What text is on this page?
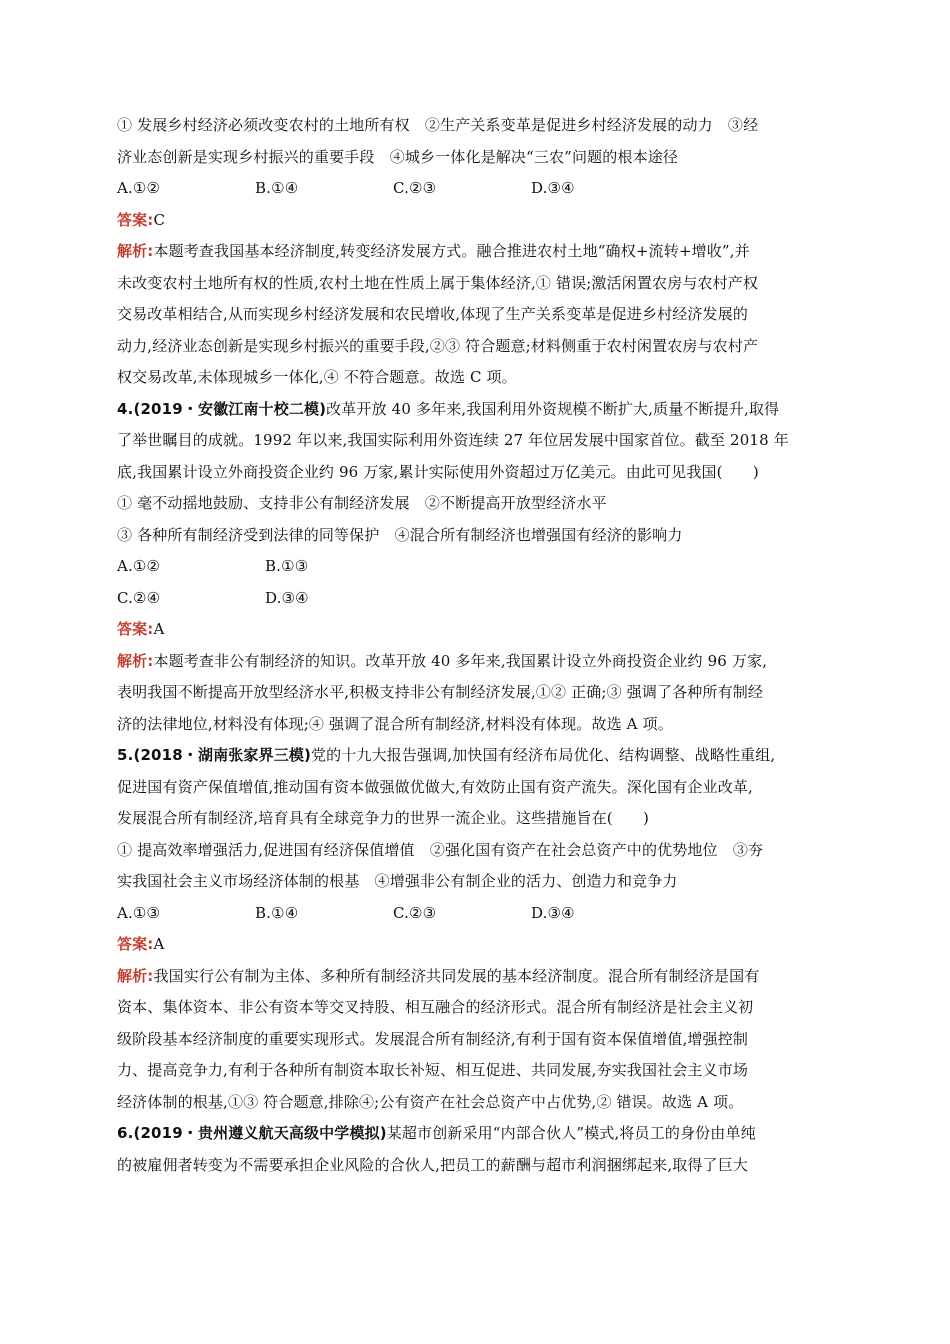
① 发展乡村经济必须改变农村的土地所有权　②生产关系变革是促进乡村经济发展的动力　③经
济业态创新是实现乡村振兴的重要手段　④城乡一体化是解决“三农”问题的根本途径
A.①②	B.①④	C.②③	D.③④
答案:C
解析:本题考查我国基本经济制度,转变经济发展方式。融合推进农村土地“确权+流转+增收”,并
未改变农村土地所有权的性质,农村土地在性质上属于集体经济,① 错误;激活闲置农房与农村产权
交易改革相结合,从而实现乡村经济发展和农民增收,体现了生产关系变革是促进乡村经济发展的
动力,经济业态创新是实现乡村振兴的重要手段,②③ 符合题意;材料侧重于农村闲置农房与农村产
权交易改革,未体现城乡一体化,④ 不符合题意。故选 C 项。
4.(2019・安徽江南十校二模)改革开放 40 多年来,我国利用外资规模不断扩大,质量不断提升,取得
了举世瞩目的成就。1992 年以来,我国实际利用外资连续 27 年位居发展中国家首位。截至 2018 年
底,我国累计设立外商投资企业约 96 万家,累计实际使用外资超过万亿美元。由此可见我国(　　)
① 毫不动摇地鼓励、支持非公有制经济发展　②不断提高开放型经济水平
③ 各种所有制经济受到法律的同等保护　④混合所有制经济也增强国有经济的影响力
A.①②	B.①③
C.②④	D.③④
答案:A
解析:本题考查非公有制经济的知识。改革开放 40 多年来,我国累计设立外商投资企业约 96 万家,
表明我国不断提高开放型经济水平,积极支持非公有制经济发展,①② 正确;③ 强调了各种所有制经
济的法律地位,材料没有体现;④ 强调了混合所有制经济,材料没有体现。故选 A 项。
5.(2018・湖南张家界三模)党的十九大报告强调,加快国有经济布局优化、结构调整、战略性重组,
促进国有资产保值增值,推动国有资本做强做优做大,有效防止国有资产流失。深化国有企业改革,
发展混合所有制经济,培育具有全球竞争力的世界一流企业。这些措施旨在(　　)
① 提高效率增强活力,促进国有经济保值增值　②强化国有资产在社会总资产中的优势地位　③夯
实我国社会主义市场经济体制的根基　④增强非公有制企业的活力、创造力和竞争力
A.①③	B.①④	C.②③	D.③④
答案:A
解析:我国实行公有制为主体、多种所有制经济共同发展的基本经济制度。混合所有制经济是国有
资本、集体资本、非公有资本等交叉持股、相互融合的经济形式。混合所有制经济是社会主义初
级阶段基本经济制度的重要实现形式。发展混合所有制经济,有利于国有资本保值增值,增强控制
力、提高竞争力,有利于各种所有制资本取长补短、相互促进、共同发展,夯实我国社会主义市场
经济体制的根基,①③ 符合题意,排除④;公有资产在社会总资产中占优势,② 错误。故选 A 项。
6.(2019・贵州遵义航天高级中学模拟)某超市创新采用“内部合伙人”模式,将员工的身份由单纯
的被雇佣者转变为不需要承担企业风险的合伙人,把员工的薪酬与超市利润捆绑起来,取得了巨大
